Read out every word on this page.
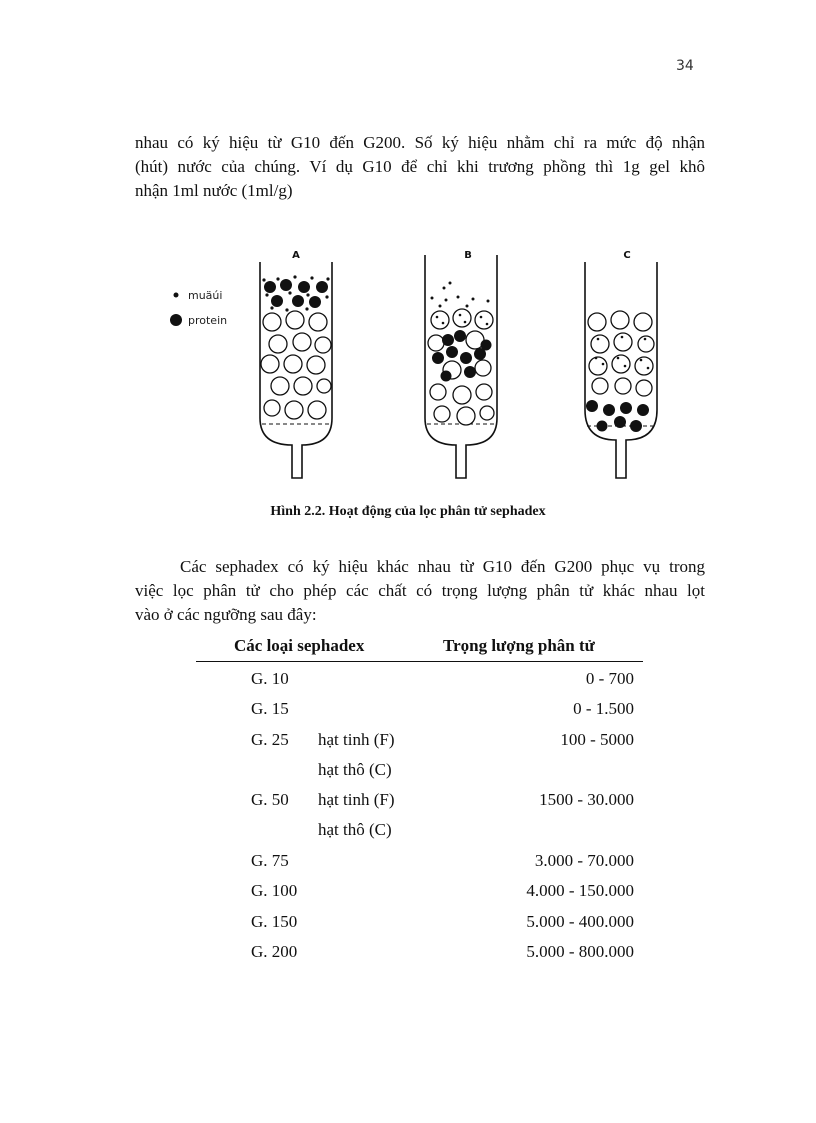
34

nhau có ký hiệu từ G10 đến G200. Số ký hiệu nhằm chỉ ra mức độ nhận
(hút) nước của chúng. Ví dụ G10 để chỉ khi trương phồng thì 1g gel khô
nhận 1ml nước (1ml/g)

muäúi
protein
A	B	C
Hình 2.2. Hoạt động của lọc phân tử sephadex

Các sephadex có ký hiệu khác nhau từ G10 đến G200 phục vụ trong
việc lọc phân tử cho phép các chất có trọng lượng phân tử khác nhau lọt
vào ở các ngưỡng sau đây:

Các loại sephadex	Trọng lượng phân tử
G. 10	0 - 700
G. 15	0 - 1.500
G. 25 hạt tinh (F)	100 - 5000
hạt thô (C)
G. 50 hạt tinh (F)	1500 - 30.000
hạt thô (C)
G. 75	3.000 - 70.000
G. 100	4.000 - 150.000
G. 150	5.000 - 400.000
G. 200	5.000 - 800.000
